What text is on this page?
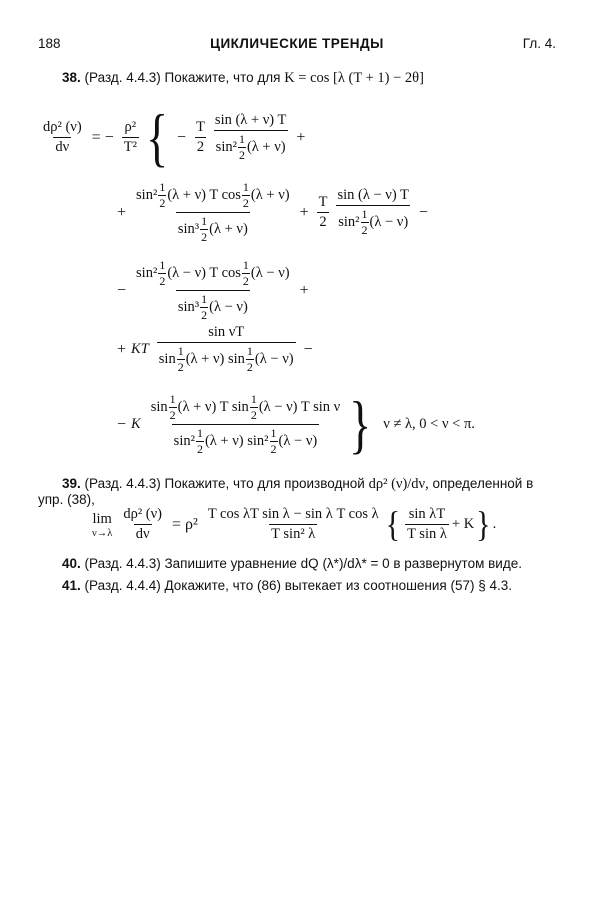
188	ЦИКЛИЧЕСКИЕ ТРЕНДЫ	Гл. 4.
38. (Разд. 4.4.3) Покажите, что для K = cos [λ (T + 1) − 2θ]
$\frac{\text{dρ² (ν)}}{d\nu}$ = − $\frac{\text{ρ²}}{\text{T²}}$ { − $\frac{T}{2}$ sin (λ + ν) T
$\sin^2 \frac{1}{2} (\lambda + \nu)$
+
+ $\frac{\sin^2 \frac{1}{2} (\lambda + \nu) T \cos \frac{1}{2} (\lambda + \nu)}{\sin^3 \frac{1}{2} (\lambda + \nu)} + \frac{T}{2}$ sin (λ − ν) T
$\sin^2 \frac{1}{2} (\lambda - \nu)$
−
− $\frac{\sin^2 \frac{1}{2} (\lambda - \nu) T \cos \frac{1}{2} (\lambda - \nu)}{\sin^3 \frac{1}{2} (\lambda - \nu)}$ +
+ KT
sin νT
$\sin \frac{1}{2} (\lambda + \nu)$ $\sin \frac{1}{2} (\lambda - \nu)$
−
− K
$\sin \frac{1}{2} (\lambda + \nu)$ T $\sin \frac{1}{2} (\lambda - \nu)$ T sin ν
$\sin^2 \frac{1}{2} (\lambda + \nu)$ $\sin^2 \frac{1}{2} (\lambda - \nu)$ } ν ≠ λ, 0 < ν < π.
39. (Разд. 4.4.3) Покажите, что для производной dρ² (ν)/dν, определенной в
упр. (38),
lim
$\nu\to\lambda \frac{\text{dρ² (ν)}}{d\nu} = \rho^2$
T cos λT sin λ − sin λ T cos λ
T sin² λ { sin λT
T sin λ
+ K } .
40. (Разд. 4.4.3) Запишите уравнение dQ (λ*)/dλ* = 0 в развернутом виде.
41. (Разд. 4.4.4) Докажите, что (86) вытекает из соотношения (57) § 4.3.
